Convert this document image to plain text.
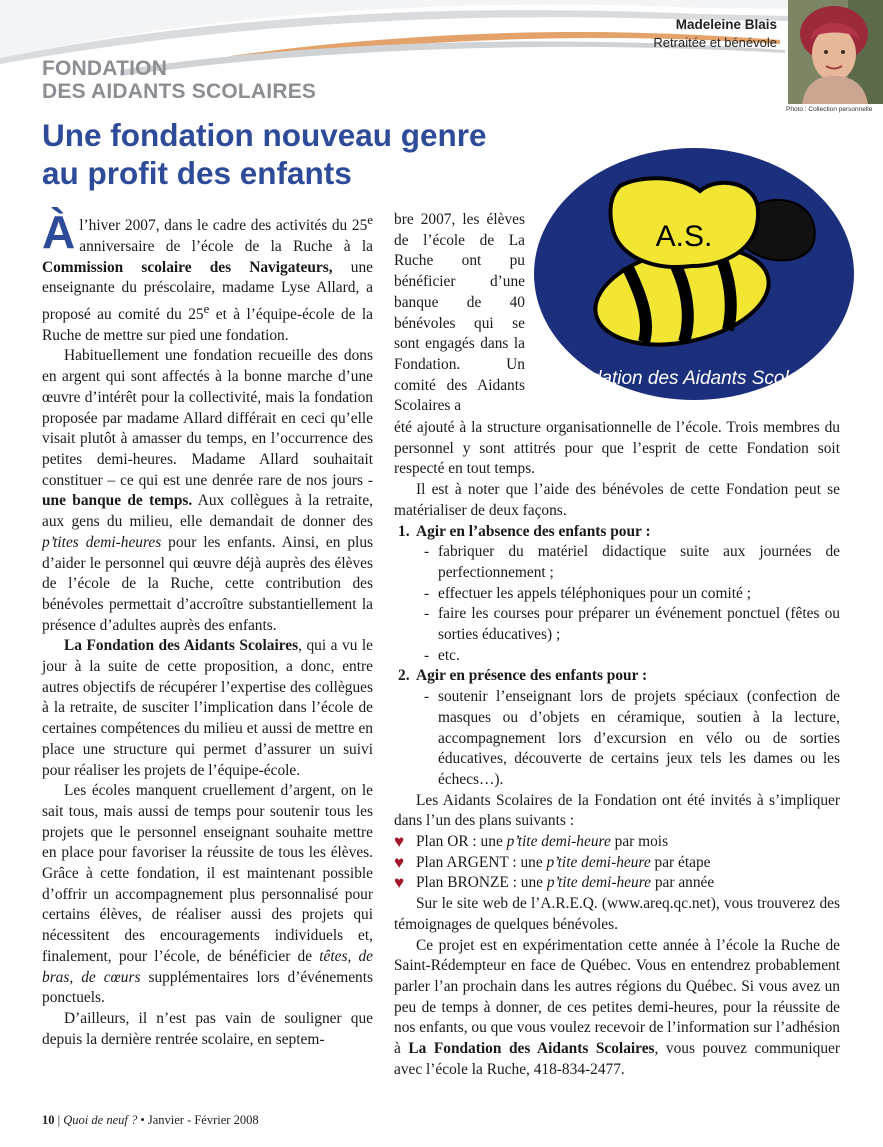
FONDATION
DES AIDANTS SCOLAIRES
Madeleine Blais
Retraitée et bénévole
Photo : Collection personnelle
Une fondation nouveau genre
au profit des enfants
A.S.
-Fondation des Aidants Scolaires-

Àl’hiver 2007, dans le cadre des activités du 25e anniversaire de l’école de la Ruche à la Commission scolaire des Navigateurs, une enseignante du préscolaire, madame Lyse Allard, a proposé au comité du 25e et à l’équipe-école de la Ruche de mettre sur pied une fondation.

Habituellement une fondation recueille des dons en argent qui sont affectés à la bonne marche d’une œuvre d’intérêt pour la collectivité, mais la fondation proposée par madame Allard différait en ceci qu’elle visait plutôt à amasser du temps, en l’occurrence des petites demi-heures. Madame Allard souhaitait constituer – ce qui est une denrée rare de nos jours - une banque de temps. Aux collègues à la retraite, aux gens du milieu, elle demandait de donner des p’tites demi-heures pour les enfants. Ainsi, en plus d’aider le personnel qui œuvre déjà auprès des élèves de l’école de la Ruche, cette contribution des bénévoles permettait d’accroître substantiellement la présence d’adultes auprès des enfants.

La Fondation des Aidants Scolaires, qui a vu le jour à la suite de cette proposition, a donc, entre autres objectifs de récupérer l’expertise des collègues à la retraite, de susciter l’implication dans l’école de certaines compétences du milieu et aussi de mettre en place une structure qui permet d’assurer un suivi pour réaliser les projets de l’équipe-école.

Les écoles manquent cruellement d’argent, on le sait tous, mais aussi de temps pour soutenir tous les projets que le personnel enseignant souhaite mettre en place pour favoriser la réussite de tous les élèves. Grâce à cette fondation, il est maintenant possible d’offrir un accompagnement plus personnalisé pour certains élèves, de réaliser aussi des projets qui nécessitent des encouragements individuels et, finalement, pour l’école, de bénéficier de têtes, de bras, de cœurs supplémentaires lors d’événements ponctuels.

D’ailleurs, il n’est pas vain de souligner que depuis la dernière rentrée scolaire, en septem-

bre 2007, les élèves de l’école de La Ruche ont pu bénéficier d’une banque de 40 bénévoles qui se sont engagés dans la Fondation. Un comité des Aidants Scolaires a

été ajouté à la structure organisationnelle de l’école. Trois membres du personnel y sont attitrés pour que l’esprit de cette Fondation soit respecté en tout temps.

Il est à noter que l’aide des bénévoles de cette Fondation peut se matérialiser de deux façons.

1. Agir en l’absence des enfants pour :
- fabriquer du matériel didactique suite aux journées de perfectionnement ;
- effectuer les appels téléphoniques pour un comité ;
- faire les courses pour préparer un événement ponctuel (fêtes ou sorties éducatives) ;
- etc.
2. Agir en présence des enfants pour :
- soutenir l’enseignant lors de projets spéciaux (confection de masques ou d’objets en céramique, soutien à la lecture, accompagnement lors d’excursion en vélo ou de sorties éducatives, découverte de certains jeux tels les dames ou les échecs…).

Les Aidants Scolaires de la Fondation ont été invités à s’impliquer dans l’un des plans suivants :

♥ Plan OR : une p’tite demi-heure par mois
♥ Plan ARGENT : une p’tite demi-heure par étape
♥ Plan BRONZE : une p’tite demi-heure par année

Sur le site web de l’A.R.E.Q. (www.areq.qc.net), vous trouverez des témoignages de quelques bénévoles.

Ce projet est en expérimentation cette année à l’école la Ruche de Saint-Rédempteur en face de Québec. Vous en entendrez probablement parler l’an prochain dans les autres régions du Québec. Si vous avez un peu de temps à donner, de ces petites demi-heures, pour la réussite de nos enfants, ou que vous voulez recevoir de l’information sur l’adhésion à La Fondation des Aidants Scolaires, vous pouvez communiquer avec l’école la Ruche, 418-834-2477.

10 | Quoi de neuf ? • Janvier - Février 2008
